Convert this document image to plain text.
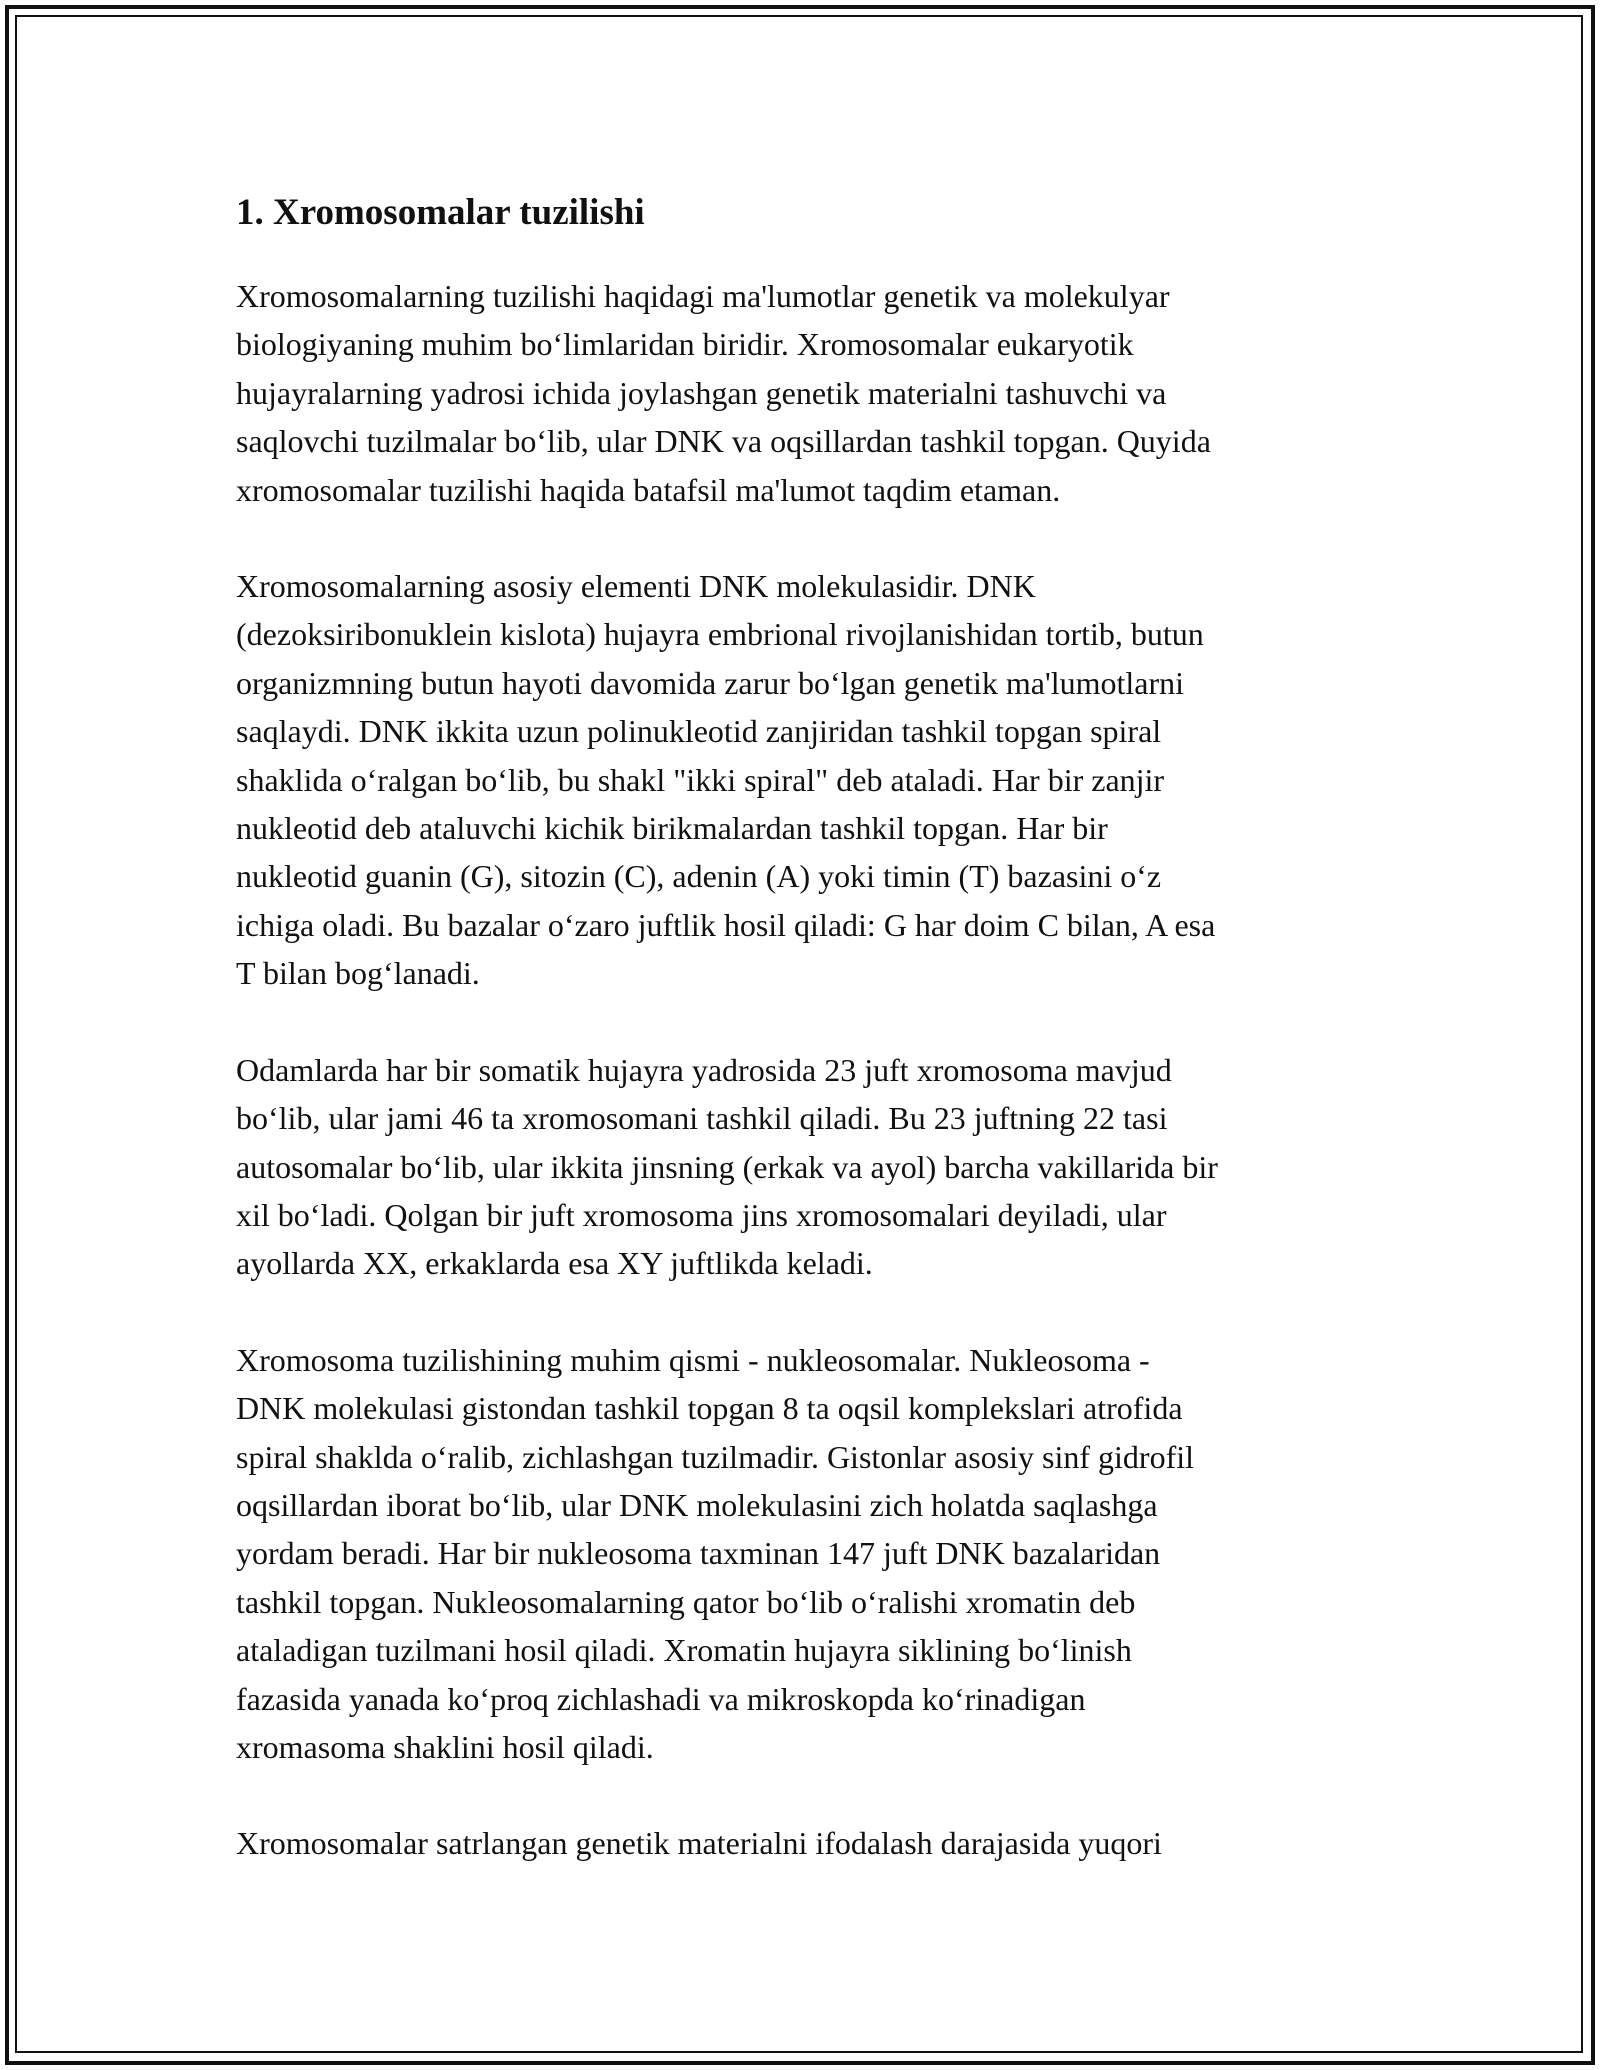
1. Xromosomalar tuzilishi
Xromosomalarning tuzilishi haqidagi ma'lumotlar genetik va molekulyar
biologiyaning muhim bo‘limlaridan biridir. Xromosomalar eukaryotik
hujayralarning yadrosi ichida joylashgan genetik materialni tashuvchi va
saqlovchi tuzilmalar bo‘lib, ular DNK va oqsillardan tashkil topgan. Quyida
xromosomalar tuzilishi haqida batafsil ma'lumot taqdim etaman.
Xromosomalarning asosiy elementi DNK molekulasidir. DNK
(dezoksiribonuklein kislota) hujayra embrional rivojlanishidan tortib, butun
organizmning butun hayoti davomida zarur bo‘lgan genetik ma'lumotlarni
saqlaydi. DNK ikkita uzun polinukleotid zanjiridan tashkil topgan spiral
shaklida o‘ralgan bo‘lib, bu shakl "ikki spiral" deb ataladi. Har bir zanjir
nukleotid deb ataluvchi kichik birikmalardan tashkil topgan. Har bir
nukleotid guanin (G), sitozin (C), adenin (A) yoki timin (T) bazasini o‘z
ichiga oladi. Bu bazalar o‘zaro juftlik hosil qiladi: G har doim C bilan, A esa
T bilan bog‘lanadi.
Odamlarda har bir somatik hujayra yadrosida 23 juft xromosoma mavjud
bo‘lib, ular jami 46 ta xromosomani tashkil qiladi. Bu 23 juftning 22 tasi
autosomalar bo‘lib, ular ikkita jinsning (erkak va ayol) barcha vakillarida bir
xil bo‘ladi. Qolgan bir juft xromosoma jins xromosomalari deyiladi, ular
ayollarda XX, erkaklarda esa XY juftlikda keladi.
Xromosoma tuzilishining muhim qismi - nukleosomalar. Nukleosoma -
DNK molekulasi gistondan tashkil topgan 8 ta oqsil komplekslari atrofida
spiral shakldа o‘ralib, zichlashgan tuzilmadir. Gistonlar asosiy sinf gidrofil
oqsillardan iborat bo‘lib, ular DNK molekulasini zich holatda saqlashga
yordam beradi. Har bir nukleosoma taxminan 147 juft DNK bazalaridan
tashkil topgan. Nukleosomalarning qator bo‘lib o‘ralishi xromatin deb
ataladigan tuzilmani hosil qiladi. Xromatin hujayra siklining bo‘linish
fazasida yanada ko‘proq zichlashadi va mikroskopda ko‘rinadigan
xromasoma shaklini hosil qiladi.
Xromosomalar satrlangan genetik materialni ifodalash darajasida yuqori
